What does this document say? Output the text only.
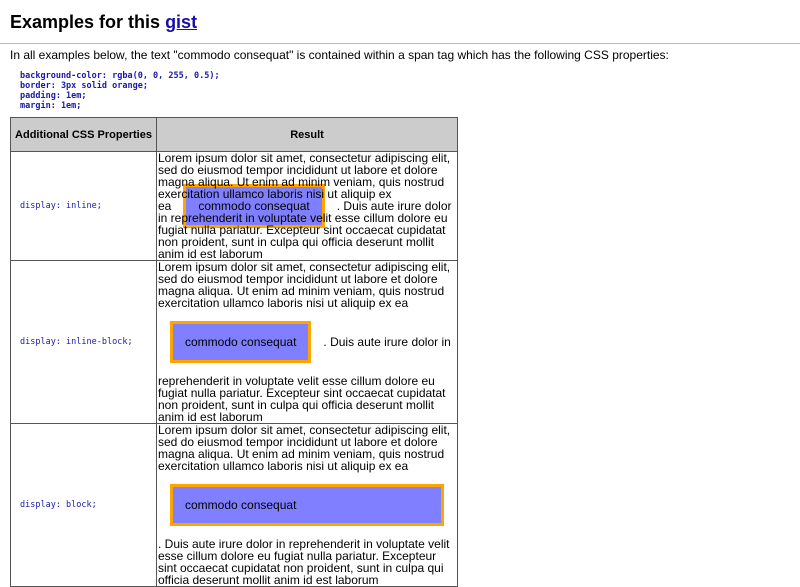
Examples for this gist

In all examples below, the text "commodo consequat" is contained within a span tag which has the following CSS properties:

background-color: rgba(0, 0, 255, 0.5);
border: 3px solid orange;
padding: 1em;
margin: 1em;
Additional CSS Properties	Result
display: inline;	Lorem ipsum dolor sit amet, consectetur adipiscing elit, sed do eiusmod tempor incididunt ut labore et dolore magna aliqua. Ut enim ad minim veniam, quis nostrud exercitation ullamco laboris nisi ut aliquip ex ea commodo consequat . Duis aute irure dolor in reprehenderit in voluptate velit esse cillum dolore eu fugiat nulla pariatur. Excepteur sint occaecat cupidatat non proident, sunt in culpa qui officia deserunt mollit anim id est laborum
display: inline-block;	Lorem ipsum dolor sit amet, consectetur adipiscing elit, sed do eiusmod tempor incididunt ut labore et dolore magna aliqua. Ut enim ad minim veniam, quis nostrud exercitation ullamco laboris nisi ut aliquip ex eacommodo consequat . Duis aute irure dolor in reprehenderit in voluptate velit esse cillum dolore eu fugiat nulla pariatur. Excepteur sint occaecat cupidatat non proident, sunt in culpa qui officia deserunt mollit anim id est laborum
display: block;	Lorem ipsum dolor sit amet, consectetur adipiscing elit, sed do eiusmod tempor incididunt ut labore et dolore magna aliqua. Ut enim ad minim veniam, quis nostrud exercitation ullamco laboris nisi ut aliquip ex ea
commodo consequat
. Duis aute irure dolor in reprehenderit in voluptate velit esse cillum dolore eu fugiat nulla pariatur. Excepteur sint occaecat cupidatat non proident, sunt in culpa qui officia deserunt mollit anim id est laborum
